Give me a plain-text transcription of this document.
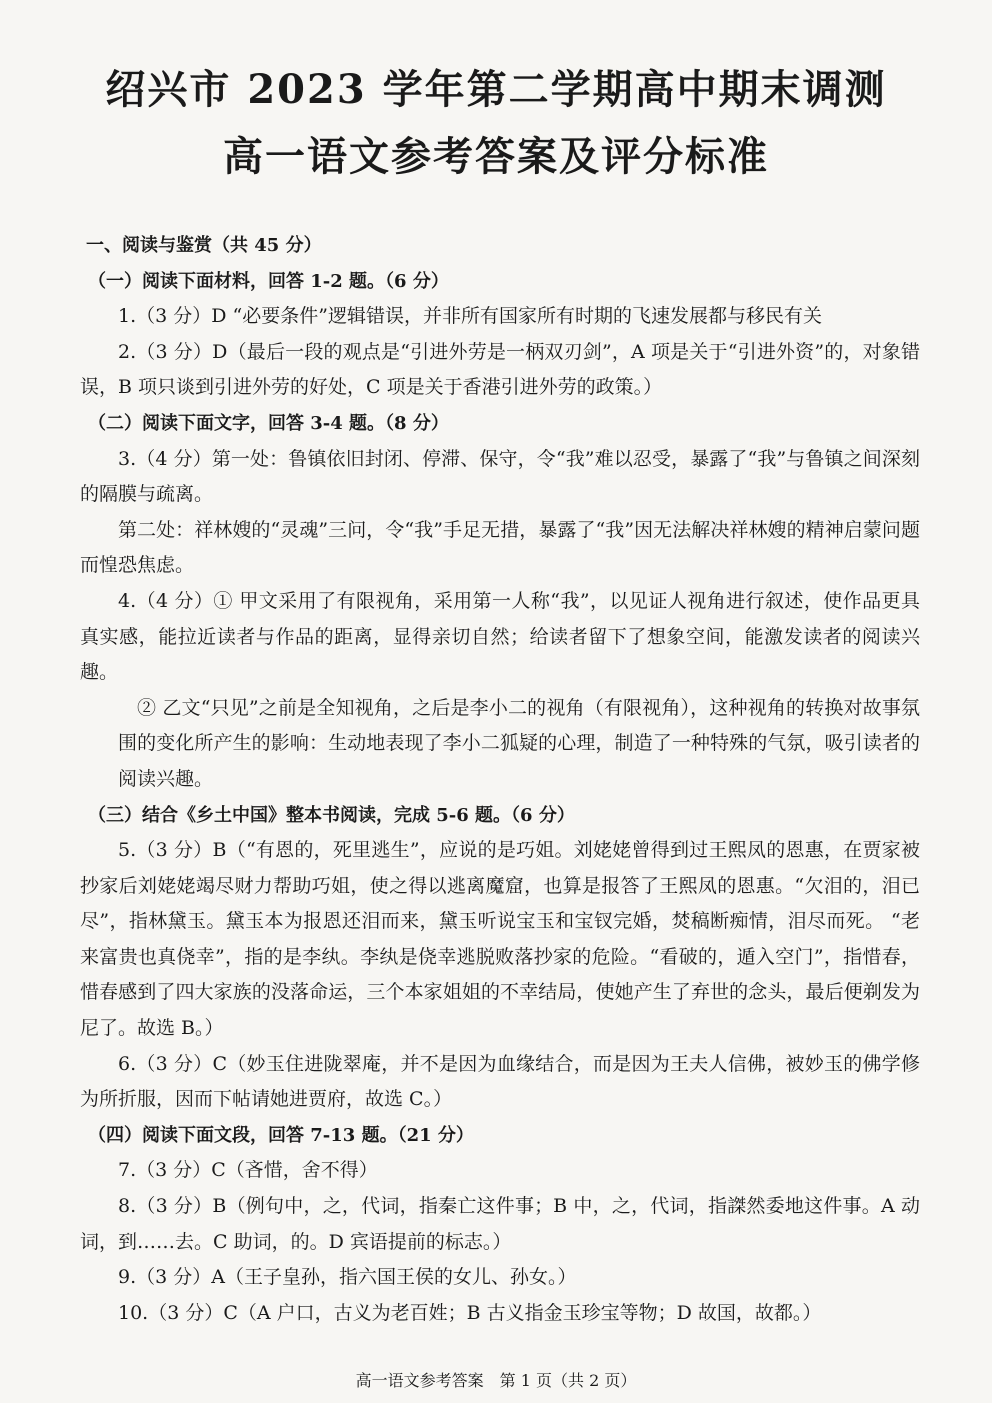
绍兴市 2023 学年第二学期高中期末调测
高一语文参考答案及评分标准
一、阅读与鉴赏（共 45 分）
（一）阅读下面材料，回答 1-2 题。（6 分）
1.（3 分）D “必要条件”逻辑错误，并非所有国家所有时期的飞速发展都与移民有关
2.（3 分）D（最后一段的观点是“引进外劳是一柄双刃剑”，A 项是关于“引进外资”的，对象错误，B 项只谈到引进外劳的好处，C 项是关于香港引进外劳的政策。）
（二）阅读下面文字，回答 3-4 题。（8 分）
3.（4 分）第一处：鲁镇依旧封闭、停滞、保守，令“我”难以忍受，暴露了“我”与鲁镇之间深刻的隔膜与疏离。
第二处：祥林嫂的“灵魂”三问，令“我”手足无措，暴露了“我”因无法解决祥林嫂的精神启蒙问题而惶恐焦虑。
4.（4 分）① 甲文采用了有限视角，采用第一人称“我”，以见证人视角进行叙述，使作品更具真实感，能拉近读者与作品的距离，显得亲切自然；给读者留下了想象空间，能激发读者的阅读兴趣。
② 乙文“只见”之前是全知视角，之后是李小二的视角（有限视角），这种视角的转换对故事氛围的变化所产生的影响：生动地表现了李小二狐疑的心理，制造了一种特殊的气氛，吸引读者的阅读兴趣。
（三）结合《乡土中国》整本书阅读，完成 5-6 题。（6 分）
5.（3 分）B（“有恩的，死里逃生”，应说的是巧姐。刘姥姥曾得到过王熙凤的恩惠，在贾家被抄家后刘姥姥竭尽财力帮助巧姐，使之得以逃离魔窟，也算是报答了王熙凤的恩惠。“欠泪的，泪已尽”，指林黛玉。黛玉本为报恩还泪而来，黛玉听说宝玉和宝钗完婚，焚稿断痴情，泪尽而死。 “老来富贵也真侥幸”，指的是李纨。李纨是侥幸逃脱败落抄家的危险。“看破的，遁入空门”，指惜春，惜春感到了四大家族的没落命运，三个本家姐姐的不幸结局，使她产生了弃世的念头，最后便剃发为尼了。故选 B。）
6.（3 分）C（妙玉住进陇翠庵，并不是因为血缘结合，而是因为王夫人信佛，被妙玉的佛学修为所折服，因而下帖请她进贾府，故选 C。）
（四）阅读下面文段，回答 7-13 题。（21 分）
7.（3 分）C（吝惜，舍不得）
8.（3 分）B（例句中，之，代词，指秦亡这件事；B 中，之，代词，指謋然委地这件事。A 动词，到……去。C 助词，的。D 宾语提前的标志。）
9.（3 分）A（王子皇孙，指六国王侯的女儿、孙女。）
10.（3 分）C（A 户口，古义为老百姓；B 古义指金玉珍宝等物；D 故国，故都。）
高一语文参考答案　第 1 页（共 2 页）
